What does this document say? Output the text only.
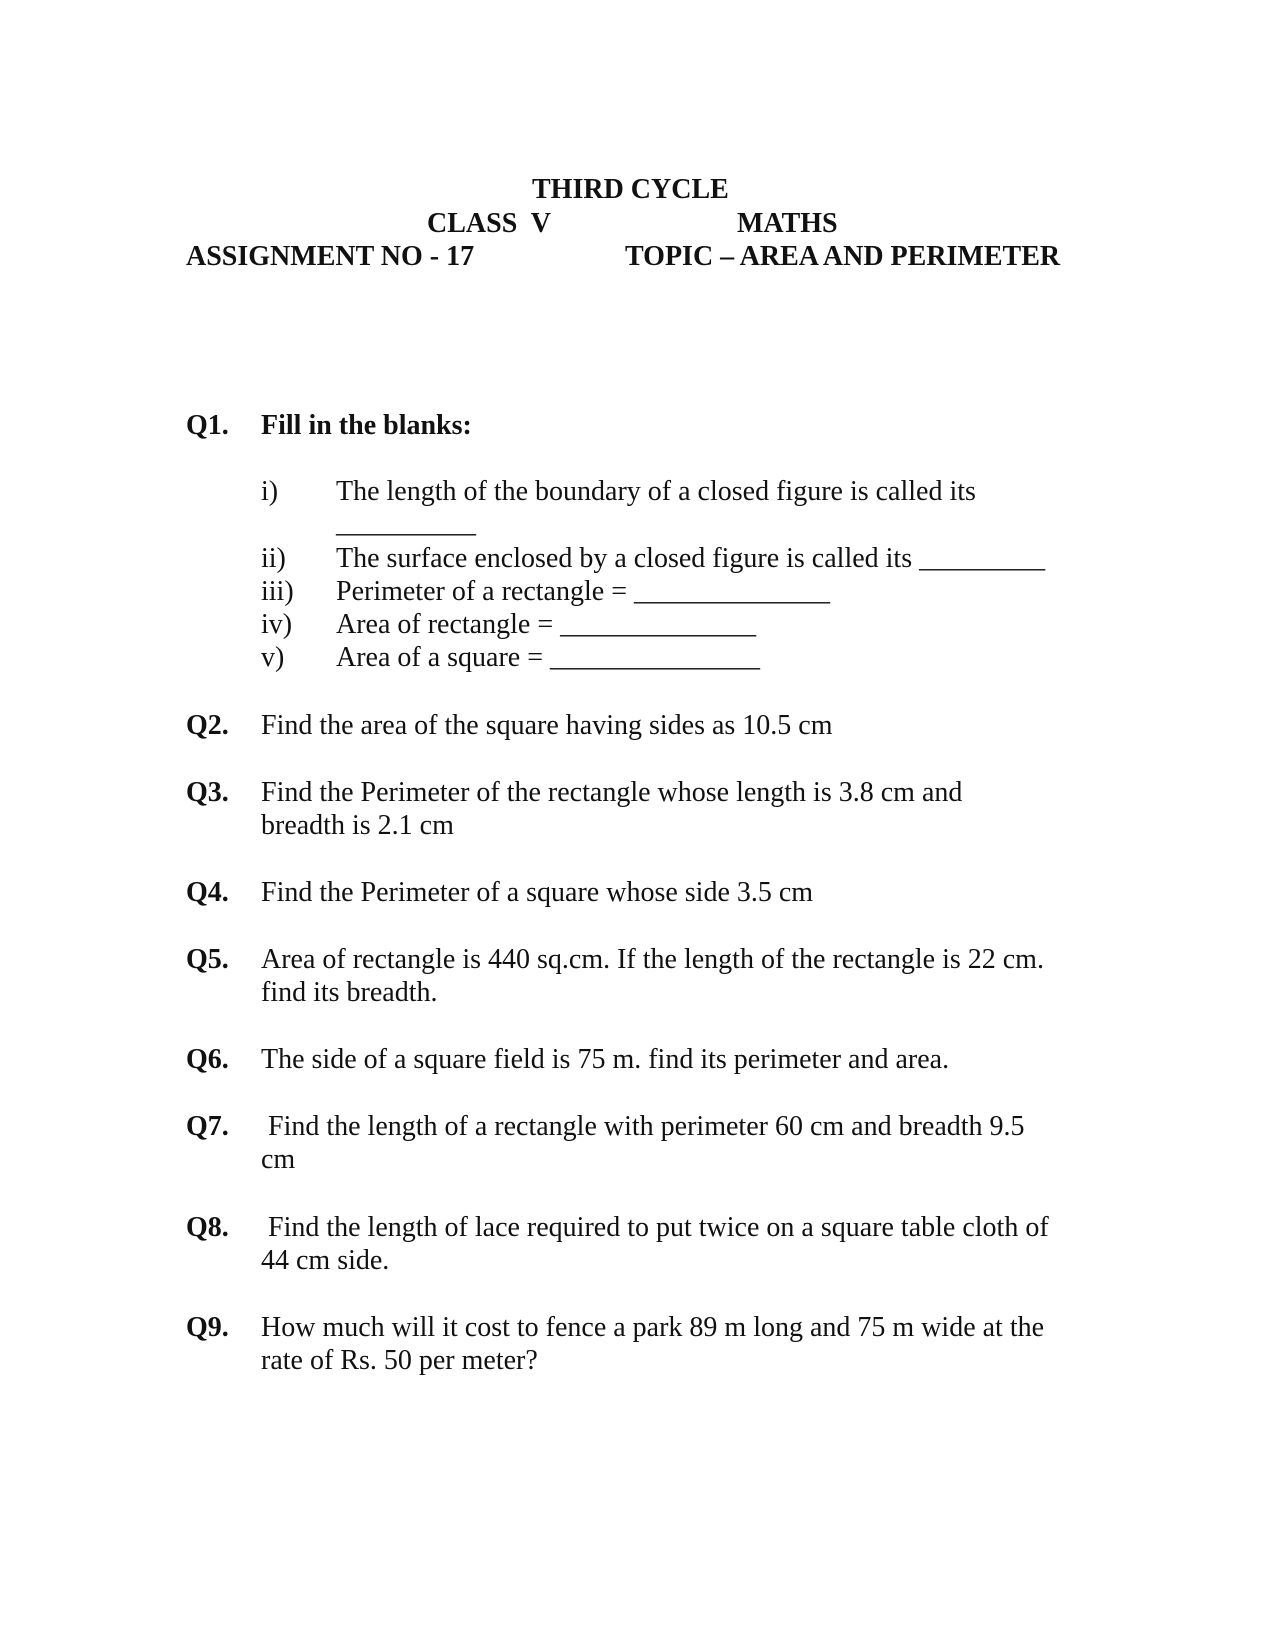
THIRD CYCLE
CLASS  V	MATHS
ASSIGNMENT NO - 17	TOPIC – AREA AND PERIMETER
Q1. Fill in the blanks:
i) The length of the boundary of a closed figure is called its
__________
ii) The surface enclosed by a closed figure is called its _________
iii) Perimeter of a rectangle = ______________
iv) Area of rectangle = ______________
v) Area of a square = _______________
Q2. Find the area of the square having sides as 10.5 cm
Q3. Find the Perimeter of the rectangle whose length is 3.8 cm and
breadth is 2.1 cm
Q4. Find the Perimeter of a square whose side 3.5 cm
Q5. Area of rectangle is 440 sq.cm. If the length of the rectangle is 22 cm.
find its breadth.
Q6. The side of a square field is 75 m. find its perimeter and area.
Q7. Find the length of a rectangle with perimeter 60 cm and breadth 9.5
cm
Q8. Find the length of lace required to put twice on a square table cloth of
44 cm side.
Q9. How much will it cost to fence a park 89 m long and 75 m wide at the
rate of Rs. 50 per meter?
